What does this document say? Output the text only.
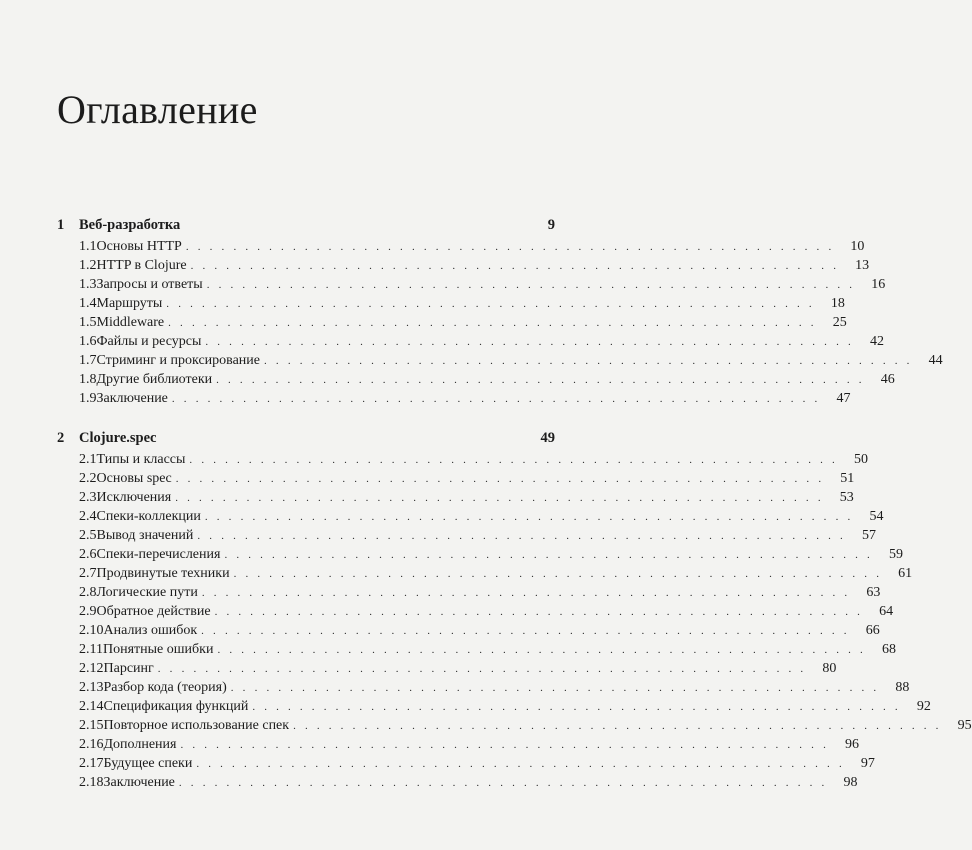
Оглавление
1	Веб-разработка	9
1.1 Основы HTTP . . . . . . . . . . . . . . . . . . . . . . . . . . . . . . . . . . . . . . . . . . . . . . . . . . . . . . .	10
1.2 HTTP в Clojure . . . . . . . . . . . . . . . . . . . . . . . . . . . . . . . . . . . . . . . . . . . . . . . . . . . . . . .	13
1.3 Запросы и ответы . . . . . . . . . . . . . . . . . . . . . . . . . . . . . . . . . . . . . . . . . . . . . . . . . . . . . . .	16
1.4 Маршруты . . . . . . . . . . . . . . . . . . . . . . . . . . . . . . . . . . . . . . . . . . . . . . . . . . . . . . .	18
1.5 Middleware . . . . . . . . . . . . . . . . . . . . . . . . . . . . . . . . . . . . . . . . . . . . . . . . . . . . . . .	25
1.6 Файлы и ресурсы . . . . . . . . . . . . . . . . . . . . . . . . . . . . . . . . . . . . . . . . . . . . . . . . . . . . . . .	42
1.7 Стриминг и проксирование . . . . . . . . . . . . . . . . . . . . . . . . . . . . . . . . . . . . . . . . . . . . . . . . . . . . . . .	44
1.8 Другие библиотеки . . . . . . . . . . . . . . . . . . . . . . . . . . . . . . . . . . . . . . . . . . . . . . . . . . . . . . .	46
1.9 Заключение . . . . . . . . . . . . . . . . . . . . . . . . . . . . . . . . . . . . . . . . . . . . . . . . . . . . . . .	47
2	Clojure.spec	49
2.1 Типы и классы . . . . . . . . . . . . . . . . . . . . . . . . . . . . . . . . . . . . . . . . . . . . . . . . . . . . . . .	50
2.2 Основы spec . . . . . . . . . . . . . . . . . . . . . . . . . . . . . . . . . . . . . . . . . . . . . . . . . . . . . . .	51
2.3 Исключения . . . . . . . . . . . . . . . . . . . . . . . . . . . . . . . . . . . . . . . . . . . . . . . . . . . . . . .	53
2.4 Спеки-коллекции . . . . . . . . . . . . . . . . . . . . . . . . . . . . . . . . . . . . . . . . . . . . . . . . . . . . . . .	54
2.5 Вывод значений . . . . . . . . . . . . . . . . . . . . . . . . . . . . . . . . . . . . . . . . . . . . . . . . . . . . . . .	57
2.6 Спеки-перечисления . . . . . . . . . . . . . . . . . . . . . . . . . . . . . . . . . . . . . . . . . . . . . . . . . . . . . . .	59
2.7 Продвинутые техники . . . . . . . . . . . . . . . . . . . . . . . . . . . . . . . . . . . . . . . . . . . . . . . . . . . . . . .	61
2.8 Логические пути . . . . . . . . . . . . . . . . . . . . . . . . . . . . . . . . . . . . . . . . . . . . . . . . . . . . . . .	63
2.9 Обратное действие . . . . . . . . . . . . . . . . . . . . . . . . . . . . . . . . . . . . . . . . . . . . . . . . . . . . . . .	64
2.10 Анализ ошибок . . . . . . . . . . . . . . . . . . . . . . . . . . . . . . . . . . . . . . . . . . . . . . . . . . . . . . .	66
2.11 Понятные ошибки . . . . . . . . . . . . . . . . . . . . . . . . . . . . . . . . . . . . . . . . . . . . . . . . . . . . . . .	68
2.12 Парсинг . . . . . . . . . . . . . . . . . . . . . . . . . . . . . . . . . . . . . . . . . . . . . . . . . . . . . . .	80
2.13 Разбор кода (теория) . . . . . . . . . . . . . . . . . . . . . . . . . . . . . . . . . . . . . . . . . . . . . . . . . . . . . . .	88
2.14 Спецификация функций . . . . . . . . . . . . . . . . . . . . . . . . . . . . . . . . . . . . . . . . . . . . . . . . . . . . . . .	92
2.15 Повторное использование спек . . . . . . . . . . . . . . . . . . . . . . . . . . . . . . . . . . . . . . . . . . . . . . . . . . . . . . .	95
2.16 Дополнения . . . . . . . . . . . . . . . . . . . . . . . . . . . . . . . . . . . . . . . . . . . . . . . . . . . . . . .	96
2.17 Будущее спеки . . . . . . . . . . . . . . . . . . . . . . . . . . . . . . . . . . . . . . . . . . . . . . . . . . . . . . .	97
2.18 Заключение . . . . . . . . . . . . . . . . . . . . . . . . . . . . . . . . . . . . . . . . . . . . . . . . . . . . . . .	98
